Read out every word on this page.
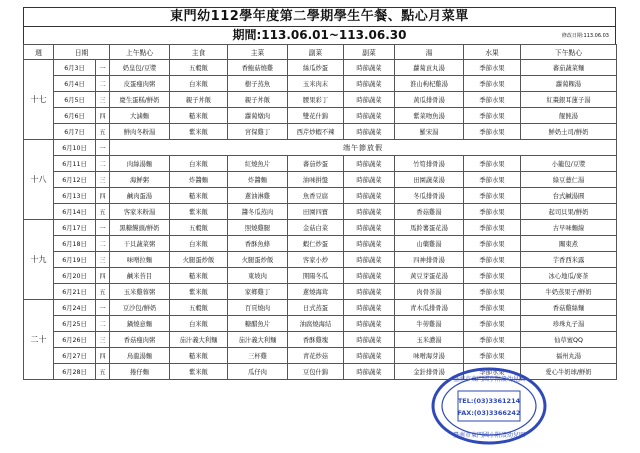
東門幼112學年度第二學期學生午餐、點心月菜單
期間:113.06.01~113.06.30	修改日期:113.06.03
週	日期		上午點心	主食	主菜	副菜	副菜	湯	水果	下午點心
十七	6月3日	一	奶皇包/豆漿	五穀飯	香鮑菇燒雞	絲瓜炒蛋	時節蔬菜	蘿蔔貢丸湯	季節水果	蕃茄蔬菜麵
	6月4日	二	皮蛋瘦肉粥	白米飯	樹子蒸魚	玉米肉末	時節蔬菜	淮山枸杞雞湯	季節水果	蘿蔔粿湯
	6月5日	三	慶生蛋糕/鮮奶	親子丼飯	親子丼飯	腰果彩丁	時節蔬菜	黃瓜排骨湯	季節水果	紅棗銀耳蓮子湯
	6月6日	四	大滷麵	糙米飯	蘿蔔燉肉	雙花什錦	時節蔬菜	紫菜吻魚湯	季節水果	餛飩湯
	6月7日	五	鮮肉冬粉湯	紫米飯	宮保雞丁	西芹炒蝦不辣	時節蔬菜	羅宋湯	季節水果	鮮奶土司/鮮奶
十八	6月10日	一	端午節放假							
	6月11日	二	肉絲湯麵	白米飯	紅燒魚片	蕃茄炒蛋	時節蔬菜	竹筍排骨湯	季節水果	小籠包/豆漿
	6月12日	三	海鮮粥	炸醬麵	炸醬麵	油味拼盤	時節蔬菜	田園蔬菜湯	季節水果	綠豆薏仁湯
	6月13日	四	鹹肉蛋湯	糙米飯	蔥油淋雞	魚香豆腐	時節蔬菜	冬瓜排骨湯	季節水果	台式鹹湯圓
	6月14日	五	客家米粉湯	紫米飯	醬冬瓜蒸肉	田園四寶	時節蔬菜	香菇雞湯	季節水果	起司貝果/鮮奶
十九	6月17日	一	黑糖饅頭/鮮奶	五穀飯	照燒雞腿	金菇白菜	時節蔬菜	馬鈴薯蛋花湯	季節水果	古早味麵線
	6月18日	二	干貝蔬菜粥	白米飯	香酥魚條	蝦仁炒蛋	時節蔬菜	山藥雞湯	季節水果	關東煮
	6月19日	三	味噌拉麵	火腿蛋炒飯	火腿蛋炒飯	客家小炒	時節蔬菜	四神排骨湯	季節水果	芋香西米露
	6月20日	四	鹹米苔目	糙米飯	東坡肉	開陽冬瓜	時節蔬菜	黃豆芽蛋花湯	季節水果	冰心地瓜/麥茶
	6月21日	五	玉米雞蓉粥	紫米飯	家鄉雞丁	蔥燒海茸	時節蔬菜	肉骨茶湯	季節水果	牛奶蒸果子/鮮奶
二十	6月24日	一	豆沙包/鮮奶	五穀飯	百頁燒肉	日式蒸蛋	時節蔬菜	青木瓜排骨湯	季節水果	香菇雞絲麵
	6月25日	二	鍋燒意麵	白米飯	糖醋魚片	油腐燒海結	時節蔬菜	牛蒡雞湯	季節水果	珍珠丸子湯
	6月26日	三	香菇瘦肉粥	茄汁義大利麵	茄汁義大利麵	香酥雞塊	時節蔬菜	玉米濃湯	季節水果	仙草蜜QQ
	6月27日	四	鳥龍湯麵	糙米飯	三杯雞	青花炒菇	時節蔬菜	味噌海芽湯	季節水果	福州丸湯
	6月28日	五	捲仔麵	紫米飯	瓜仔肉	豆包什錦	時節蔬菜	金針排骨湯	季節水果	愛心牛奶球/鮮奶
TEL:(03)3361214
FAX:(03)3366242
臺南市東門國小附設幼兒園
臺南市東門國小附設幼兒園
